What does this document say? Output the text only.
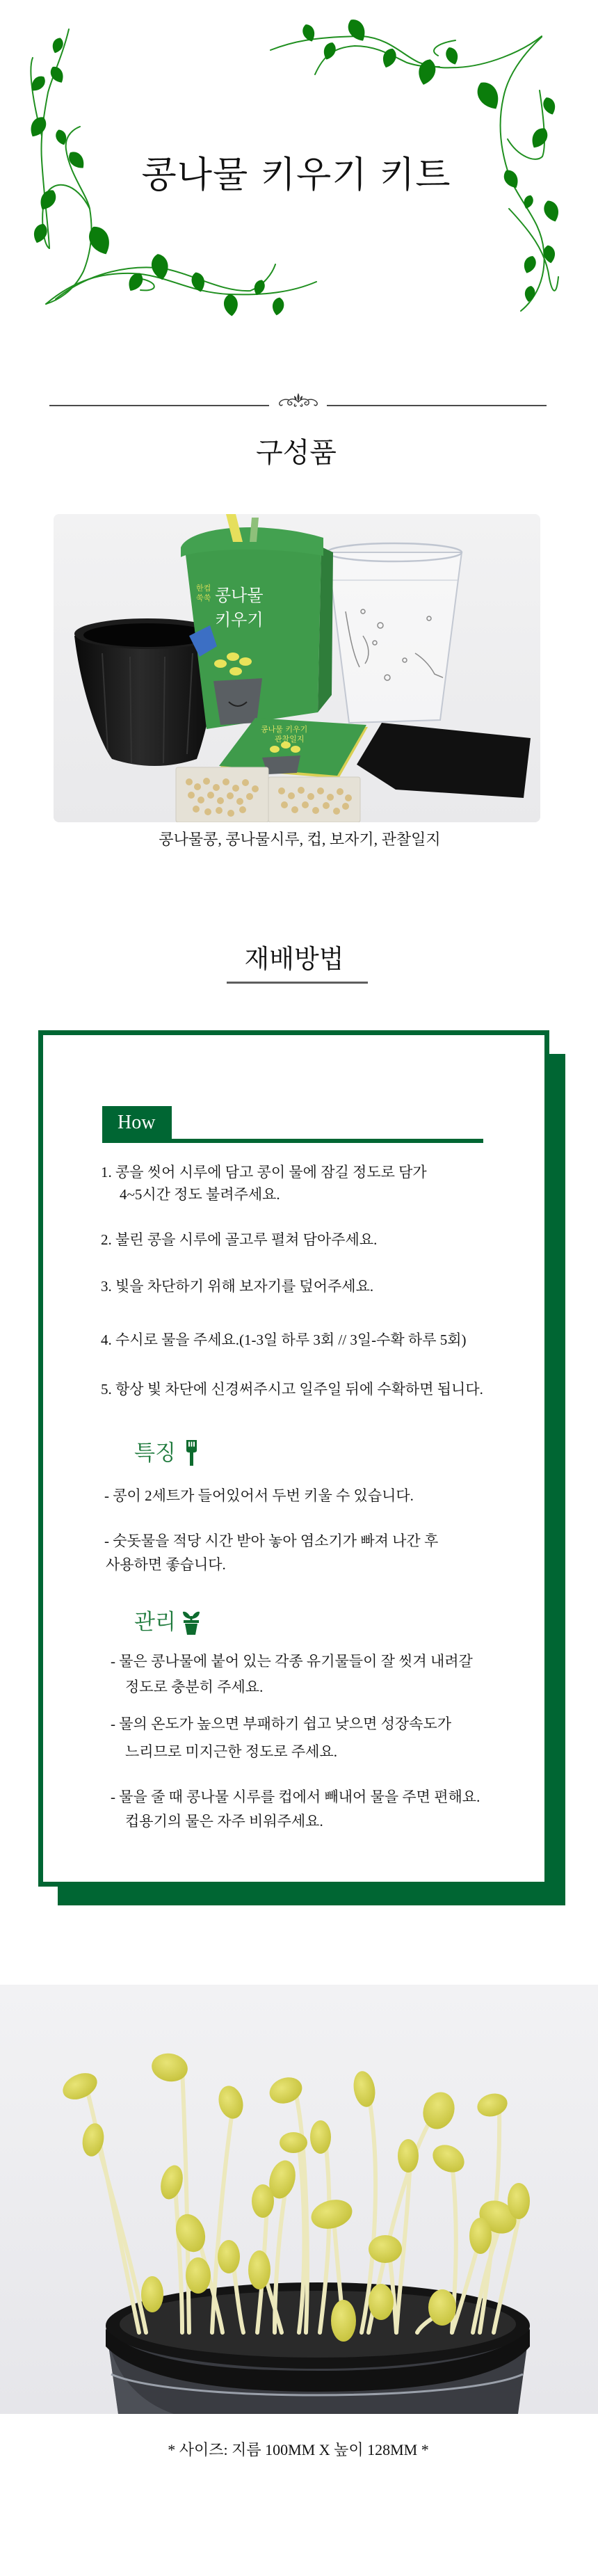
콩나물 키우기 키트
구성품
한컵
쑥쑥 콩나물
키우기
콩나물 키우기
관찰일지
콩나물콩, 콩나물시루, 컵, 보자기, 관찰일지
재배방법
How
1. 콩을 씻어 시루에 담고 콩이 물에 잠길 정도로 담가
4~5시간 정도 불려주세요.
2. 불린 콩을 시루에 골고루 펼쳐 담아주세요.
3. 빛을 차단하기 위해 보자기를 덮어주세요.
4. 수시로 물을 주세요.(1-3일 하루 3회 // 3일-수확 하루 5회)
5. 항상 빛 차단에 신경써주시고 일주일 뒤에 수확하면 됩니다.
특징
- 콩이 2세트가 들어있어서 두번 키울 수 있습니다.
- 숫돗물을 적당 시간 받아 놓아 염소기가 빠져 나간 후
사용하면 좋습니다.
관리
- 물은 콩나물에 붙어 있는 각종 유기물들이 잘 씻겨 내려갈
정도로 충분히 주세요.
- 물의 온도가 높으면 부패하기 쉽고 낮으면 성장속도가
느리므로 미지근한 정도로 주세요.
- 물을 줄 때 콩나물 시루를 컵에서 빼내어 물을 주면 편해요.
컵용기의 물은 자주 비워주세요.
* 사이즈: 지름 100MM X 높이 128MM *
